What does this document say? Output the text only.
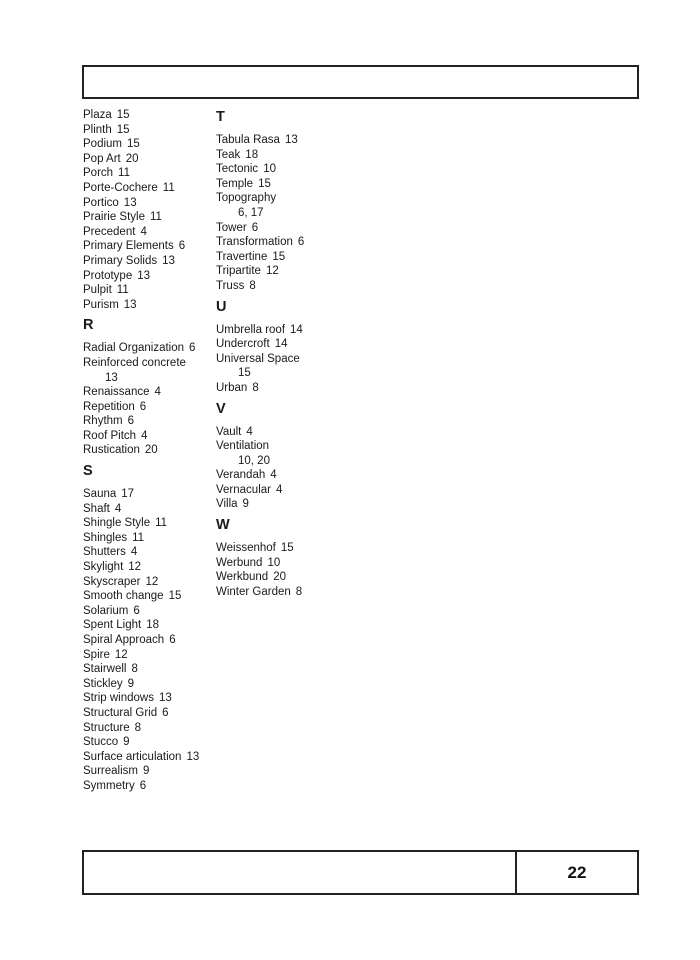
Plaza 15
Plinth 15
Podium 15
Pop Art 20
Porch 11
Porte-Cochere 11
Portico 13
Prairie Style 11
Precedent 4
Primary Elements 6
Primary Solids 13
Prototype 13
Pulpit 11
Purism 13
R
Radial Organization 6
Reinforced concrete
13
Renaissance 4
Repetition 6
Rhythm 6
Roof Pitch 4
Rustication 20
S
Sauna 17
Shaft 4
Shingle Style 11
Shingles 11
Shutters 4
Skylight 12
Skyscraper 12
Smooth change 15
Solarium 6
Spent Light 18
Spiral Approach 6
Spire 12
Stairwell 8
Stickley 9
Strip windows 13
Structural Grid 6
Structure 8
Stucco 9
Surface articulation 13
Surrealism 9
Symmetry 6
T
Tabula Rasa 13
Teak 18
Tectonic 10
Temple 15
Topography
6, 17
Tower 6
Transformation 6
Travertine 15
Tripartite 12
Truss 8
U
Umbrella roof 14
Undercroft 14
Universal Space
15
Urban 8
V
Vault 4
Ventilation
10, 20
Verandah 4
Vernacular 4
Villa 9
W
Weissenhof 15
Werbund 10
Werkbund 20
Winter Garden 8
22
